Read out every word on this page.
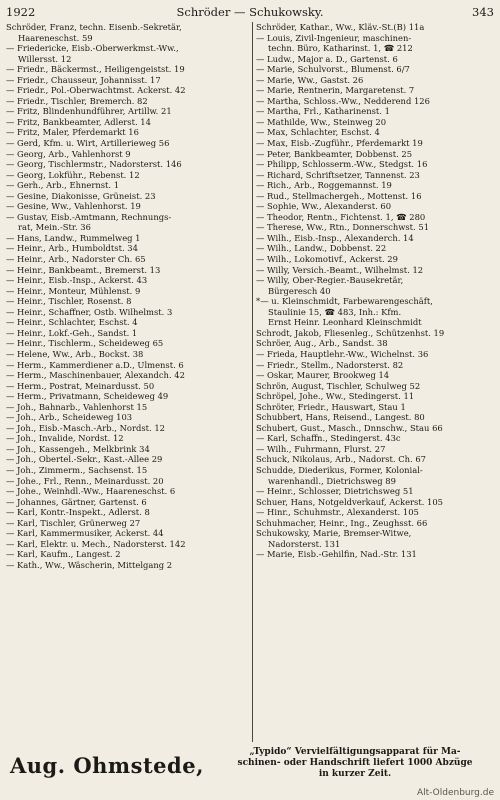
1922	Schröder — Schukowsky.	343
Schröder, Franz, techn. Eisenb.-Sekretär,
Haareneschst. 59
— Friedericke, Eisb.-Oberwerkmst.-Ww.,
Willersst. 12
— Friedr., Bäckermst., Heiligengeistst. 19
— Friedr., Chausseur, Johannisst. 17
— Friedr., Pol.-Oberwachtmst. Ackerst. 42
— Friedr., Tischler, Bremerch. 82
— Fritz, Blindenhundführer, Artillw. 21
— Fritz, Bankbeamter, Adlerst. 14
— Fritz, Maler, Pferdemarkt 16
— Gerd, Kfm. u. Wirt, Artillerieweg 56
— Georg, Arb., Vahlenhorst 9
— Georg, Tischlermstr., Nadorsterst. 146
— Georg, Lokführ., Rebenst. 12
— Gerh., Arb., Ehnernst. 1
— Gesine, Diakonisse, Grüneist. 23
— Gesine, Ww., Vahlenhorst. 19
— Gustav, Eisb.-Amtmann, Rechnungs-
rat, Mein.-Str. 36
— Hans, Landw., Rummelweg 1
— Heinr., Arb., Humboldtst. 34
— Heinr., Arb., Nadorster Ch. 65
— Heinr., Bankbeamt., Bremerst. 13
— Heinr., Eisb.-Insp., Ackerst. 43
— Heinr., Monteur, Mühlenst. 9
— Heinr., Tischler, Rosenst. 8
— Heinr., Schaffner, Ostb. Wilhelmst. 3
— Heinr., Schlachter, Eschst. 4
— Heinr., Lokf.-Geh., Sandst. 1
— Heinr., Tischlerm., Scheideweg 65
— Helene, Ww., Arb., Bockst. 38
— Herm., Kammerdiener a.D., Ulmenst. 6
— Herm., Maschinenbauer, Alexandch. 42
— Herm., Postrat, Meinardusst. 50
— Herm., Privatmann, Scheideweg 49
— Joh., Bahnarb., Vahlenhorst 15
— Joh., Arb., Scheideweg 103
— Joh., Eisb.-Masch.-Arb., Nordst. 12
— Joh., Invalide, Nordst. 12
— Joh., Kassengeh., Melkbrink 34
— Joh., Obertel.-Sekr., Kast.-Allee 29
— Joh., Zimmerm., Sachsenst. 15
— Johe., Frl., Renn., Meinardusst. 20
— Johe., Weinhdl.-Ww., Haareneschst. 6
— Johannes, Gärtner, Gartenst. 6
— Karl, Kontr.-Inspekt., Adlerst. 8
— Karl, Tischler, Grünerweg 27
— Karl, Kammermusiker, Ackerst. 44
— Karl, Elektr. u. Mech., Nadorsterst. 142
— Karl, Kaufm., Langest. 2
— Kath., Ww., Wäscherin, Mittelgang 2
Schröder, Kathar., Ww., Kläv.-St.(B) 11a
— Louis, Zivil-Ingenieur, maschinen-
techn. Büro, Katharinst. 1, ☎ 212
— Ludw., Major a. D., Gartenst. 6
— Marie, Schulvorst., Blumenst. 6/7
— Marie, Ww., Gastst. 26
— Marie, Rentnerin, Margaretenst. 7
— Martha, Schloss.-Ww., Nedderend 126
— Martha, Frl., Katharinenst. 1
— Mathilde, Ww., Steinweg 20
— Max, Schlachter, Eschst. 4
— Max, Eisb.-Zugführ., Pferdemarkt 19
— Peter, Bankbeamter, Dobbenst. 25
— Philipp, Schlosserm.-Ww., Stedgst. 16
— Richard, Schriftsetzer, Tannenst. 23
— Rich., Arb., Roggemannst. 19
— Rud., Stellmachergeh., Mottenst. 16
— Sophie, Ww., Alexanderst. 60
— Theodor, Rentn., Fichtenst. 1, ☎ 280
— Therese, Ww., Rtn., Donnerschwst. 51
— Wilh., Eisb.-Insp., Alexanderch. 14
— Wilh., Landw., Dobbenst. 22
— Wilh., Lokomotivf., Ackerst. 29
— Willy, Versich.-Beamt., Wilhelmst. 12
— Willy, Ober-Regier.-Bausekretär,
Bürgeresch 40
*— u. Kleinschmidt, Farbewarengeschäft,
Staulinie 15, ☎ 483, Inh.: Kfm.
Ernst Heinr. Leonhard Kleinschmidt
Schrodt, Jakob, Fliesenleg., Schützenhst. 19
Schröer, Aug., Arb., Sandst. 38
— Frieda, Hauptlehr.-Ww., Wichelnst. 36
— Friedr., Stellm., Nadorsterst. 82
— Oskar, Maurer, Brookweg 14
Schrön, August, Tischler, Schulweg 52
Schröpel, Johe., Ww., Stedingerst. 11
Schröter, Friedr., Hauswart, Stau 1
Schubbert, Hans, Reisend., Langest. 80
Schubert, Gust., Masch., Dnnschw., Stau 66
— Karl, Schaffn., Stedingerst. 43c
— Wilh., Fuhrmann, Flurst. 27
Schuck, Nikolaus, Arb., Nadorst. Ch. 67
Schudde, Diederikus, Former, Kolonial-
warenhandl., Dietrichsweg 89
— Heinr., Schlosser, Dietrichsweg 51
Schuer, Hans, Notgeldverkauf, Ackerst. 105
— Hinr., Schuhmstr., Alexanderst. 105
Schuhmacher, Heinr., Ing., Zeughsst. 66
Schukowsky, Marie, Bremser-Witwe,
Nadorsterst. 131
— Marie, Eisb.-Gehilfin, Nad.-Str. 131
Aug. Ohmstede,
„Typido“ Vervielfältigungsapparat für Ma-
schinen- oder Handschrift liefert 1000 Abzüge
in kurzer Zeit.
Alt-Oldenburg.de
